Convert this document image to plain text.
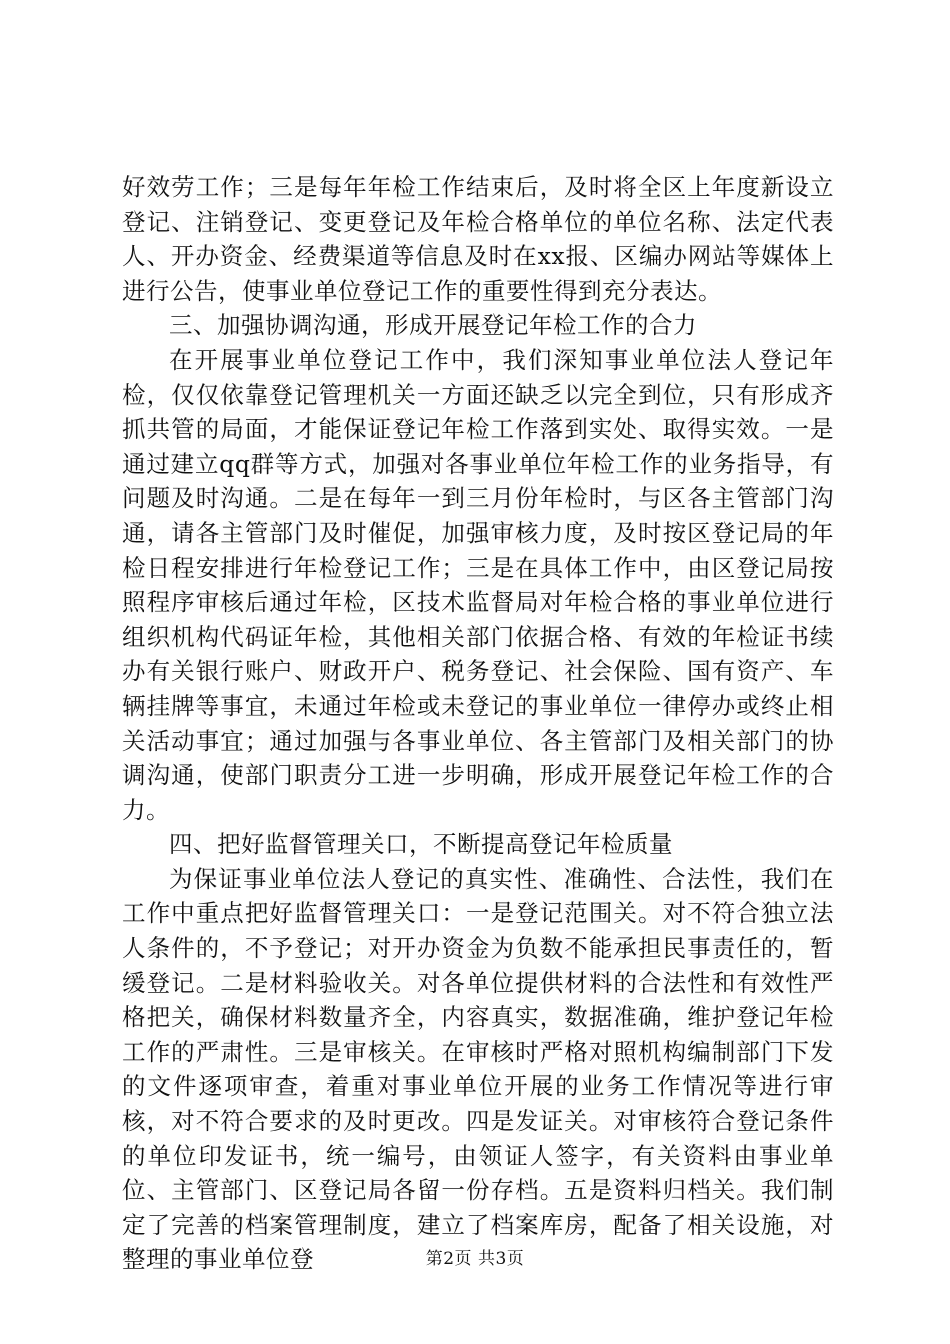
好效劳工作；三是每年年检工作结束后，及时将全区上年度新设立登记、注销登记、变更登记及年检合格单位的单位名称、法定代表人、开办资金、经费渠道等信息及时在xx报、区编办网站等媒体上进行公告，使事业单位登记工作的重要性得到充分表达。

三、加强协调沟通，形成开展登记年检工作的合力

在开展事业单位登记工作中，我们深知事业单位法人登记年检，仅仅依靠登记管理机关一方面还缺乏以完全到位，只有形成齐抓共管的局面，才能保证登记年检工作落到实处、取得实效。一是通过建立qq群等方式，加强对各事业单位年检工作的业务指导，有问题及时沟通。二是在每年一到三月份年检时，与区各主管部门沟通，请各主管部门及时催促，加强审核力度，及时按区登记局的年检日程安排进行年检登记工作；三是在具体工作中，由区登记局按照程序审核后通过年检，区技术监督局对年检合格的事业单位进行组织机构代码证年检，其他相关部门依据合格、有效的年检证书续办有关银行账户、财政开户、税务登记、社会保险、国有资产、车辆挂牌等事宜，未通过年检或未登记的事业单位一律停办或终止相关活动事宜；通过加强与各事业单位、各主管部门及相关部门的协调沟通，使部门职责分工进一步明确，形成开展登记年检工作的合力。

四、把好监督管理关口，不断提高登记年检质量

为保证事业单位法人登记的真实性、准确性、合法性，我们在工作中重点把好监督管理关口：一是登记范围关。对不符合独立法人条件的，不予登记；对开办资金为负数不能承担民事责任的，暂缓登记。二是材料验收关。对各单位提供材料的合法性和有效性严格把关，确保材料数量齐全，内容真实，数据准确，维护登记年检工作的严肃性。三是审核关。在审核时严格对照机构编制部门下发的文件逐项审查，着重对事业单位开展的业务工作情况等进行审核，对不符合要求的及时更改。四是发证关。对审核符合登记条件的单位印发证书，统一编号，由领证人签字，有关资料由事业单位、主管部门、区登记局各留一份存档。五是资料归档关。我们制定了完善的档案管理制度，建立了档案库房，配备了相关设施，对整理的事业单位登	第2页 共3页
